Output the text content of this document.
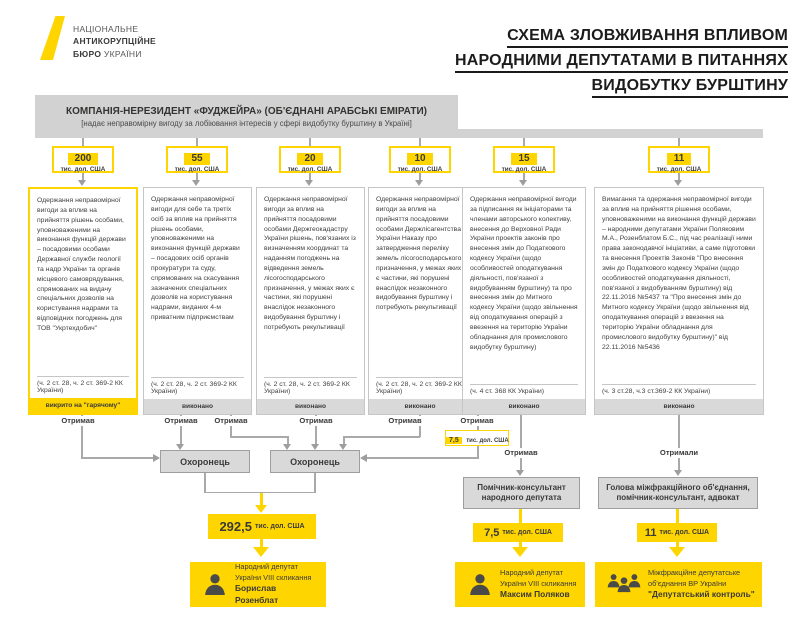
НАЦІОНАЛЬНЕ
АНТИКОРУПЦІЙНЕ
БЮРО УКРАЇНИ
СХЕМА ЗЛОВЖИВАННЯ ВПЛИВОМ
НАРОДНИМИ ДЕПУТАТАМИ В ПИТАННЯХ
ВИДОБУТКУ БУРШТИНУ
КОМПАНІЯ-НЕРЕЗИДЕНТ «ФУДЖЕЙРА» (ОБ'ЄДНАНІ АРАБСЬКІ ЕМІРАТИ)
[надає неправомірну вигоду за лобіювання інтересів у сфері видобутку бурштину в Україні]
200
тис. дол. США
55
тис. дол. США
20
тис. дол. США
10
тис. дол. США
15
тис. дол. США
11
тис. дол. США
Одержання неправомірної вигоди за вплив на прийняття рішень особами, уповноваженими на виконання функцій держави – посадовими особами Державної служби геології та надр України та органів місцевого самоврядування, спрямованих на видачу спеціальних дозволів на користування надрами та відповідних погоджень для ТОВ "Укртехдобич"
(ч. 2 ст. 28, ч. 2 ст. 369-2 КК України)
викрито на "гарячому"
Одержання неправомірної вигоди для себе та третіх осіб за вплив на прийняття рішень особами, уповноваженими на виконання функцій держави – посадових осіб органів прокуратури та суду, спрямованих на скасування зазначених спеціальних дозволів на користування надрами, виданих 4-м приватним підприємствам
(ч. 2 ст. 28, ч. 2 ст. 369-2 КК України)
виконано
Одержання неправомірної вигоди за вплив на прийняття посадовими особами Держгеокадастру України рішень, пов'язаних із визначенням координат та наданням погоджень на відведення земель лісогосподарського призначення, у межах яких є частини, які порушені внаслідок незаконного видобування бурштину і потребують рекультивації
(ч. 2 ст. 28, ч. 2 ст. 369-2 КК України)
виконано
Одержання неправомірної вигоди за вплив на прийняття посадовими особами Держлісагентства України Наказу про затвердження переліку земель лісогосподарського призначення, у межах яких є частини, які порушені внаслідок незаконного видобування бурштину і потребують рекультивації
(ч. 2 ст. 28, ч. 2 ст. 369-2 КК України)
виконано
Одержання неправомірної вигоди за підписання як ініціаторами та членами авторського колективу, внесення до Верховної Ради України проектів законів про внесення змін до Податкового кодексу України (щодо особливостей оподаткування діяльності, пов'язаної з видобуванням бурштину) та про внесення змін до Митного кодексу України (щодо звільнення від оподаткування операцій з ввезення на територію України обладнання для промислового видобутку бурштину)
(ч. 4 ст. 368 КК України)
виконано
Вимагання та одержання неправомірної вигоди за вплив на прийняття рішення особами, уповноваженими на виконання функцій держави – народними депутатами України Поляковим М.А., Розенблатом Б.С., під час реалізації ними права законодавчої ініціативи, а саме підготовки та внесення Проектів Законів "Про внесення змін до Податкового кодексу України (щодо особливостей оподаткування діяльності, пов'язаної з видобуванням бурштину) від 22.11.2016 №5437 та "Про внесення змін до Митного кодексу України (щодо звільнення від оподаткування операцій з ввезення на територію України обладнання для промислового видобутку бурштину)" від 22.11.2016 №5436
(ч. 3 ст.28, ч.3 ст.369-2 КК України)
виконано
Отримав	Отримав	Отримав	Отримав	Отримав	Отримав
Отримав	Отримали
7,5 тис. дол. США
Охоронець	Охоронець
292,5 тис. дол. США
Помічник-консультант
народного депутата
7,5 тис. дол. США
Голова міжфракційного об'єднання,
помічник-консультант, адвокат
11 тис. дол. США
Народний депутат
України VIII скликання
Борислав Розенблат
Народний депутат
України VIII скликання
Максим Поляков
Міжфракційне депутатське
об'єднання ВР України
"Депутатський контроль"
